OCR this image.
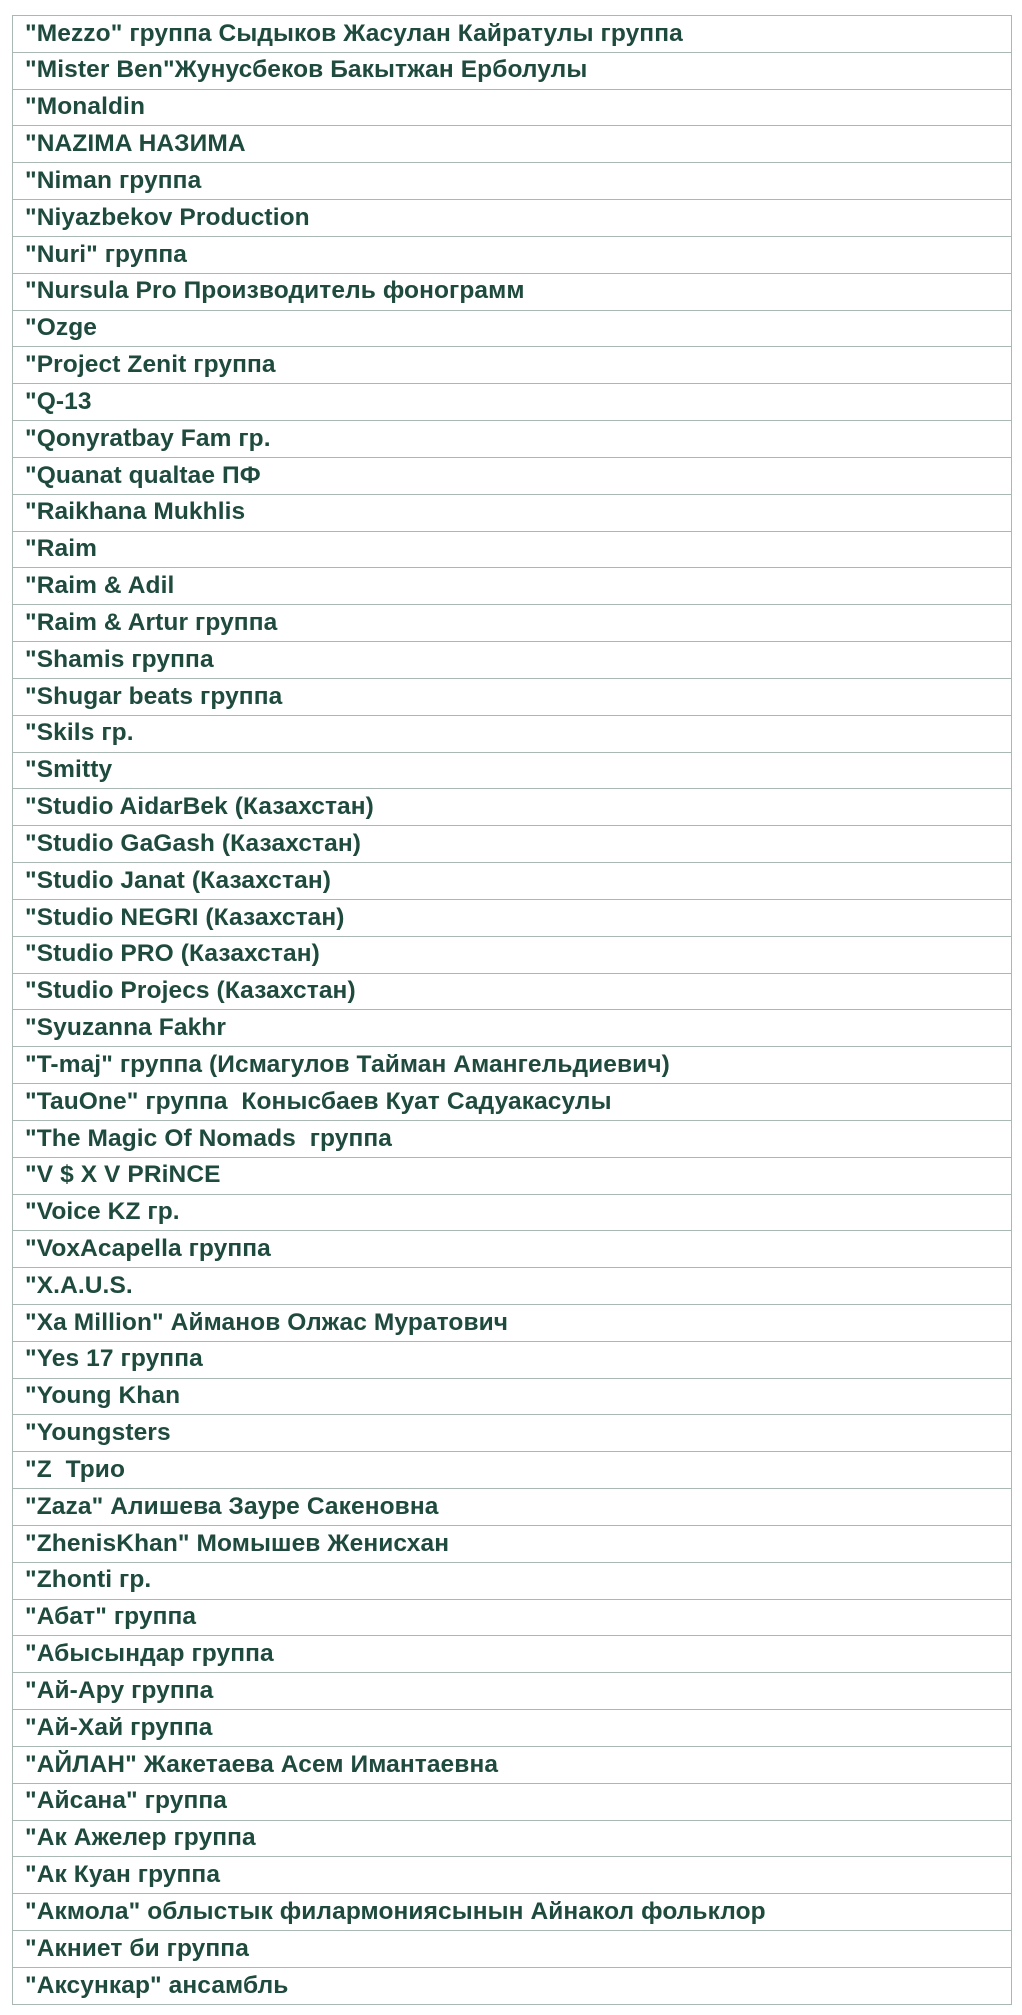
"Mezzo" группа Сыдыков Жасулан Кайратулы группа
"Mister Ben"Жунусбеков Бакытжан Ерболулы
"Monaldin
"NAZIMA НАЗИМА
"Niman группа
"Niyazbekov Production
"Nuri" группа
"Nursula Pro Производитель фонограмм
"Ozge
"Project Zenit группа
"Q-13
"Qonyratbay Fam гр.
"Quanat qualtae ПФ
"Raikhana Mukhlis
"Raim
"Raim & Adil
"Raim & Artur группа
"Shamis группа
"Shugar beats группа
"Skils гр.
"Smitty
"Studio AidarBek (Казахстан)
"Studio GaGash (Казахстан)
"Studio Janat (Казахстан)
"Studio NEGRI (Казахстан)
"Studio PRO (Казахстан)
"Studio Projecs (Казахстан)
"Syuzanna Fakhr
"T-maj" группа (Исмагулов Тайман Амангельдиевич)
"TauOne" группа  Конысбаев Куат Садуакасулы
"The Magic Of Nomads  группа
"V $ X V PRiNCE
"Voice KZ гр.
"VoxAcapella группа
"X.A.U.S.
"Xa Million" Айманов Олжас Муратович
"Yes 17 группа
"Young Khan
"Youngsters
"Z  Трио
"Zaza" Алишева Зауре Сакеновна
"ZhenisKhan" Момышев Женисхан
"Zhonti гр.
"Абат" группа
"Абысындар группа
"Ай-Ару группа
"Ай-Хай группа
"АЙЛАН" Жакетаева Асем Имантаевна
"Айсана" группа
"Ак Ажелер группа
"Ак Куан группа
"Акмола" облыстык филармониясынын Айнакол фольклор
"Акниет би группа
"Аксункар" ансамбль
